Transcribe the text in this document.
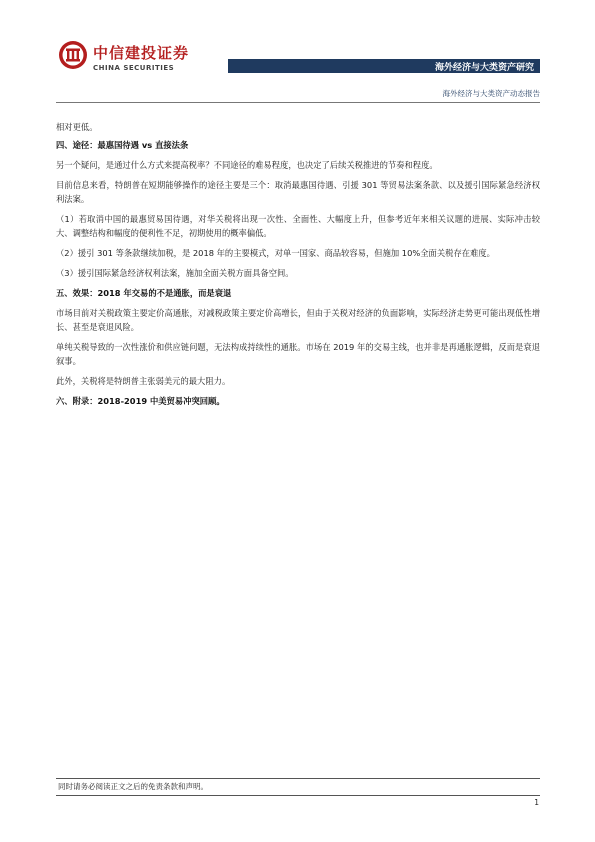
中信建投证券
CHINA SECURITIES	海外经济与大类资产研究
海外经济与大类资产动态报告

相对更低。

四、途径：最惠国待遇 vs 直接法条

另一个疑问，是通过什么方式来提高税率？不同途径的难易程度，也决定了后续关税推进的节奏和程度。

目前信息来看，特朗普在短期能够操作的途径主要是三个：取消最惠国待遇、引援 301 等贸易法案条款、以及援引国际紧急经济权利法案。

（1）若取消中国的最惠贸易国待遇，对华关税将出现一次性、全面性、大幅度上升，但参考近年来相关议题的进展、实际冲击较大、调整结构和幅度的便利性不足，初期使用的概率偏低。

（2）援引 301 等条款继续加税，是 2018 年的主要模式，对单一国家、商品较容易，但施加 10%全面关税存在难度。

（3）援引国际紧急经济权利法案，施加全面关税方面具备空间。

五、效果：2018 年交易的不是通胀，而是衰退

市场目前对关税政策主要定价高通胀，对减税政策主要定价高增长，但由于关税对经济的负面影响，实际经济走势更可能出现低性增长、甚至是衰退风险。

单纯关税导致的一次性涨价和供应链问题，无法构成持续性的通胀。市场在 2019 年的交易主线，也并非是再通胀逻辑，反而是衰退叙事。

此外，关税将是特朗普主张弱美元的最大阻力。

六、附录：2018-2019 中美贸易冲突回顾。

同时请务必阅读正文之后的免责条款和声明。
1
